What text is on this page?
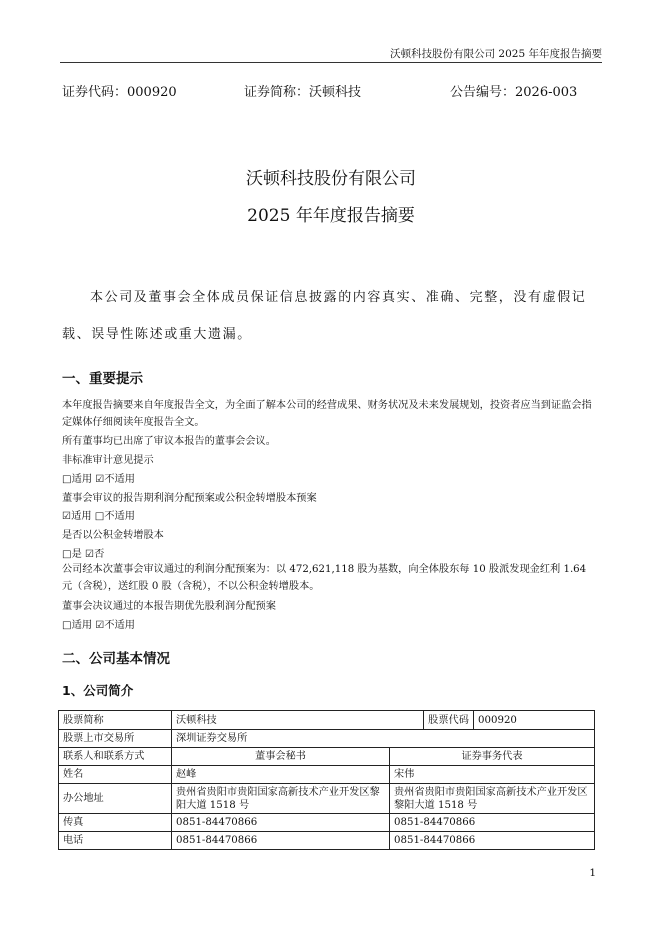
沃顿科技股份有限公司 2025 年年度报告摘要
证券代码：000920	证券简称：沃顿科技	公告编号：2026-003
沃顿科技股份有限公司
2025 年年度报告摘要
本公司及董事会全体成员保证信息披露的内容真实、准确、完整，没有虚假记载、误导性陈述或重大遗漏。
一、重要提示
本年度报告摘要来自年度报告全文，为全面了解本公司的经营成果、财务状况及未来发展规划，投资者应当到证监会指定媒体仔细阅读年度报告全文。
所有董事均已出席了审议本报告的董事会会议。
非标准审计意见提示
□适用 ☑不适用
董事会审议的报告期利润分配预案或公积金转增股本预案
☑适用 □不适用
是否以公积金转增股本
□是 ☑否
公司经本次董事会审议通过的利润分配预案为：以 472,621,118 股为基数，向全体股东每 10 股派发现金红利 1.64 元（含税），送红股 0 股（含税），不以公积金转增股本。
董事会决议通过的本报告期优先股利润分配预案
□适用 ☑不适用
二、公司基本情况
1、公司简介
股票简称	沃顿科技		股票代码	000920
股票上市交易所	深圳证券交易所			
联系人和联系方式	董事会秘书	证券事务代表		
姓名	赵峰	宋伟		
办公地址	贵州省贵阳市贵阳国家高新技术产业开发区黎阳大道 1518 号	贵州省贵阳市贵阳国家高新技术产业开发区黎阳大道 1518 号		
传真	0851-84470866	0851-84470866		
电话	0851-84470866	0851-84470866		
1
